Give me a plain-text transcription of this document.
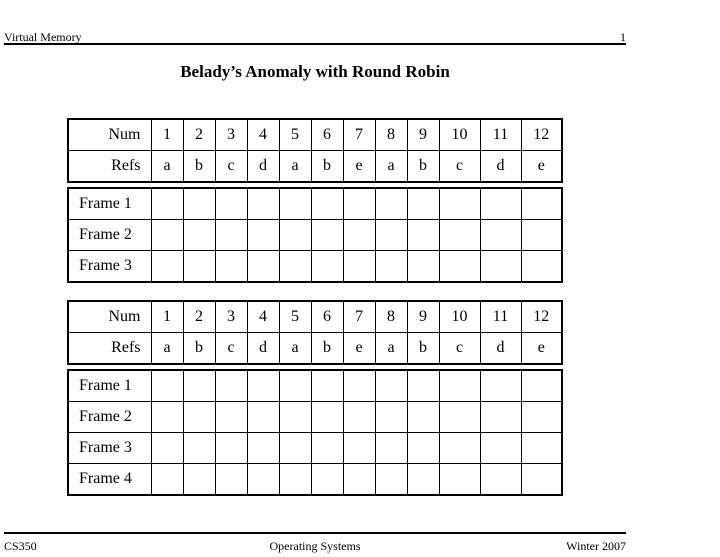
Virtual Memory	1
Belady’s Anomaly with Round Robin
Num	1	2	3	4	5	6	7	8	9	10	11	12
Refs	a	b	c	d	a	b	e	a	b	c	d	e
Frame 1												
Frame 2												
Frame 3												
Num	1	2	3	4	5	6	7	8	9	10	11	12
Refs	a	b	c	d	a	b	e	a	b	c	d	e
Frame 1												
Frame 2												
Frame 3												
Frame 4												
CS350	Operating Systems	Winter 2007
